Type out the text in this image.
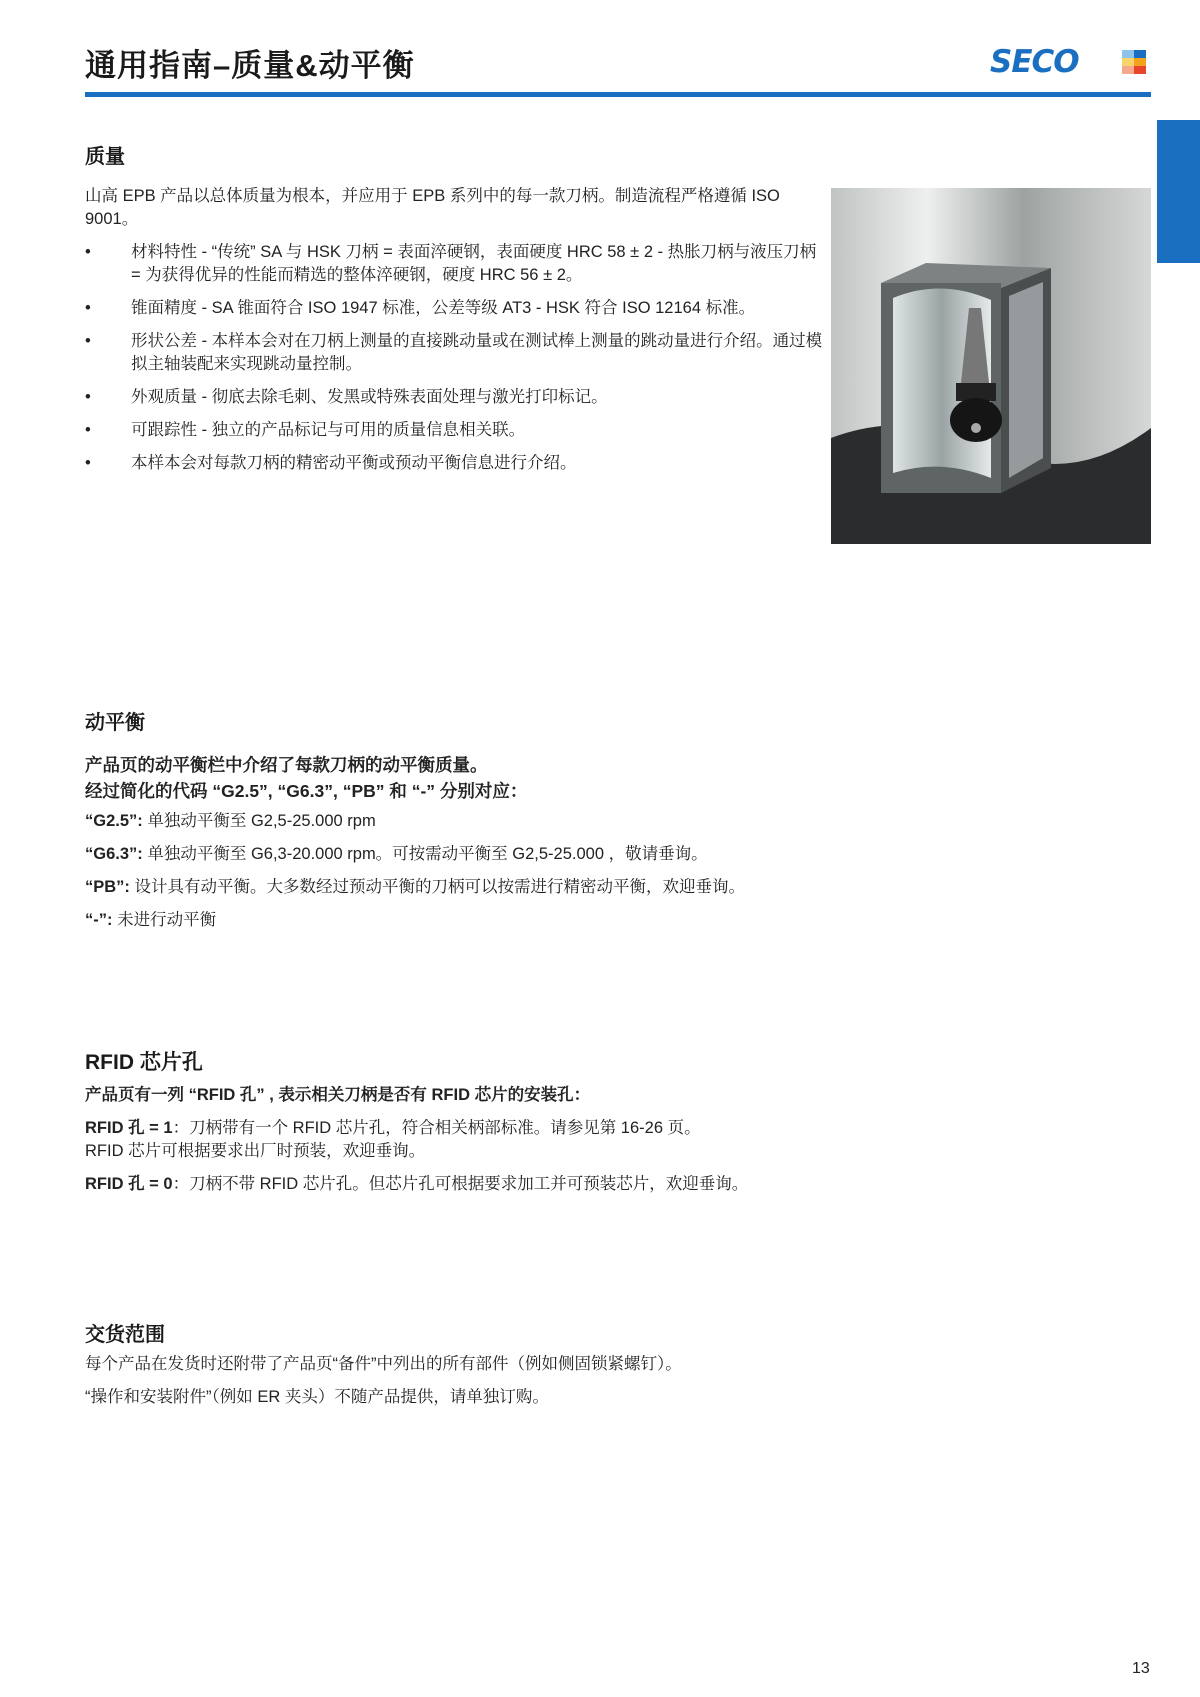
通用指南–质量&动平衡	SECO
质量

山高 EPB 产品以总体质量为根本，并应用于 EPB 系列中的每一款刀柄。制造流程严格遵循 ISO 9001。

• 材料特性 - “传统” SA 与 HSK 刀柄 = 表面淬硬钢，表面硬度 HRC 58 ± 2 - 热胀刀柄与液压刀柄 = 为获得优异的性能而精选的整体淬硬钢，硬度 HRC 56 ± 2。
• 锥面精度 - SA 锥面符合 ISO 1947 标准，公差等级 AT3 - HSK 符合 ISO 12164 标准。
• 形状公差 - 本样本会对在刀柄上测量的直接跳动量或在测试棒上测量的跳动量进行介绍。通过模拟主轴装配来实现跳动量控制。
• 外观质量 - 彻底去除毛刺、发黑或特殊表面处理与激光打印标记。
• 可跟踪性 - 独立的产品标记与可用的质量信息相关联。
• 本样本会对每款刀柄的精密动平衡或预动平衡信息进行介绍。
动平衡

产品页的动平衡栏中介绍了每款刀柄的动平衡质量。

经过简化的代码 “G2.5”, “G6.3”, “PB” 和 “-” 分别对应：

“G2.5”: 单独动平衡至 G2,5-25.000 rpm

“G6.3”: 单独动平衡至 G6,3-20.000 rpm。可按需动平衡至 G2,5-25.000 ，敬请垂询。

“PB”: 设计具有动平衡。大多数经过预动平衡的刀柄可以按需进行精密动平衡，欢迎垂询。

“-”: 未进行动平衡

RFID 芯片孔

产品页有一列 “RFID 孔” , 表示相关刀柄是否有 RFID 芯片的安装孔：

RFID 孔 = 1：刀柄带有一个 RFID 芯片孔，符合相关柄部标准。请参见第 16-26 页。

RFID 芯片可根据要求出厂时预装，欢迎垂询。

RFID 孔 = 0：刀柄不带 RFID 芯片孔。但芯片孔可根据要求加工并可预装芯片，欢迎垂询。

交货范围

每个产品在发货时还附带了产品页“备件”中列出的所有部件（例如侧固锁紧螺钉）。

“操作和安装附件”（例如 ER 夹头）不随产品提供，请单独订购。

13
